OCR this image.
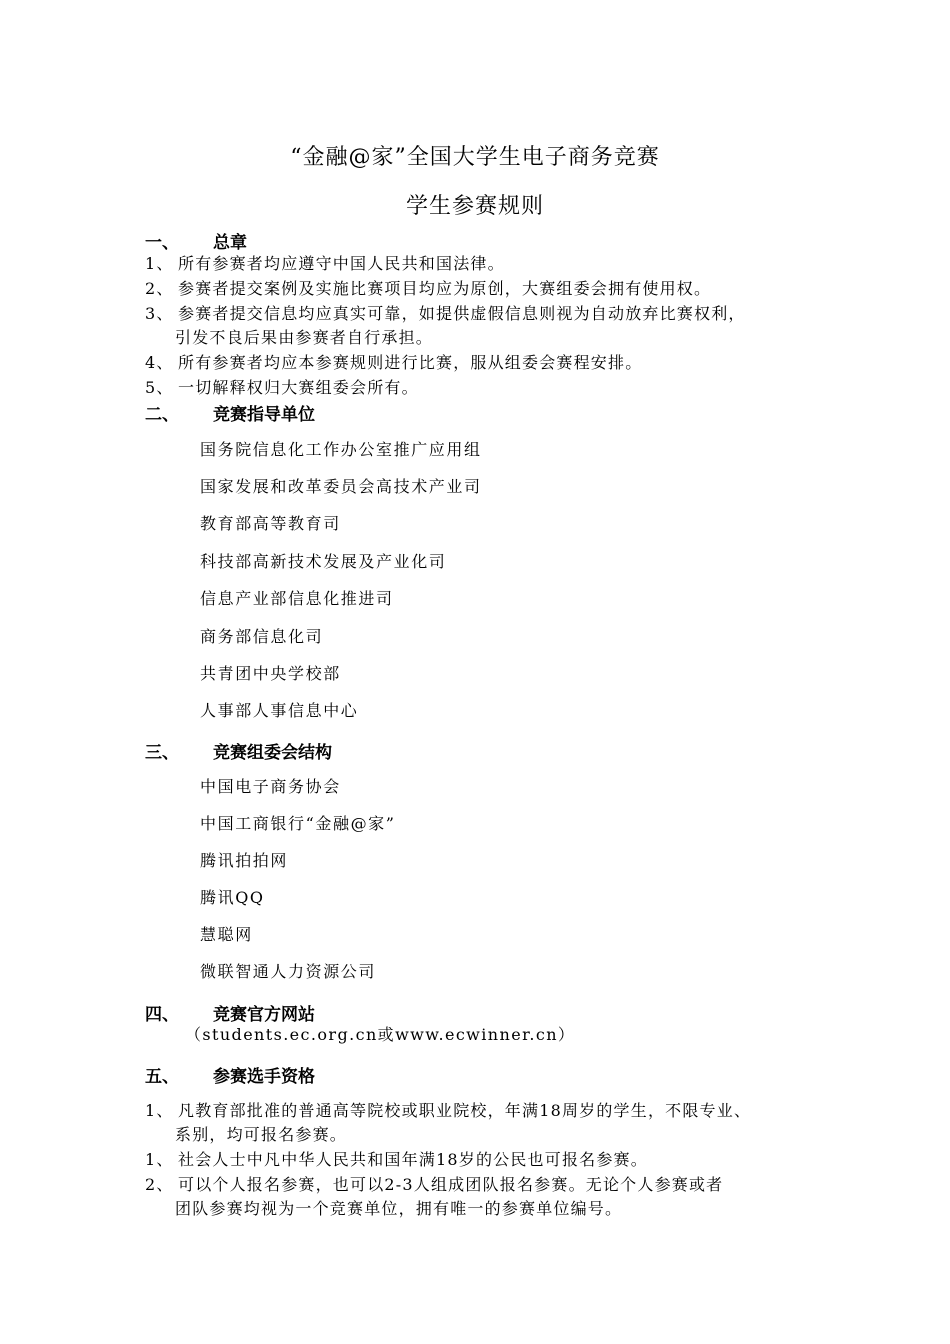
“金融@家”全国大学生电子商务竞赛
学生参赛规则
一、 总章
1、 所有参赛者均应遵守中国人民共和国法律。
2、 参赛者提交案例及实施比赛项目均应为原创，大赛组委会拥有使用权。
3、 参赛者提交信息均应真实可靠，如提供虚假信息则视为自动放弃比赛权利，
引发不良后果由参赛者自行承担。
4、 所有参赛者均应本参赛规则进行比赛，服从组委会赛程安排。
5、 一切解释权归大赛组委会所有。
二、 竞赛指导单位
国务院信息化工作办公室推广应用组
国家发展和改革委员会高技术产业司
教育部高等教育司
科技部高新技术发展及产业化司
信息产业部信息化推进司
商务部信息化司
共青团中央学校部
人事部人事信息中心
三、 竞赛组委会结构
中国电子商务协会
中国工商银行“金融@家”
腾讯拍拍网
腾讯QQ
慧聪网
微联智通人力资源公司
四、 竞赛官方网站
（students.ec.org.cn或www.ecwinner.cn）
五、 参赛选手资格
1、 凡教育部批准的普通高等院校或职业院校，年满18周岁的学生，不限专业、
系别，均可报名参赛。
1、 社会人士中凡中华人民共和国年满18岁的公民也可报名参赛。
2、 可以个人报名参赛，也可以2-3人组成团队报名参赛。无论个人参赛或者
团队参赛均视为一个竞赛单位，拥有唯一的参赛单位编号。
